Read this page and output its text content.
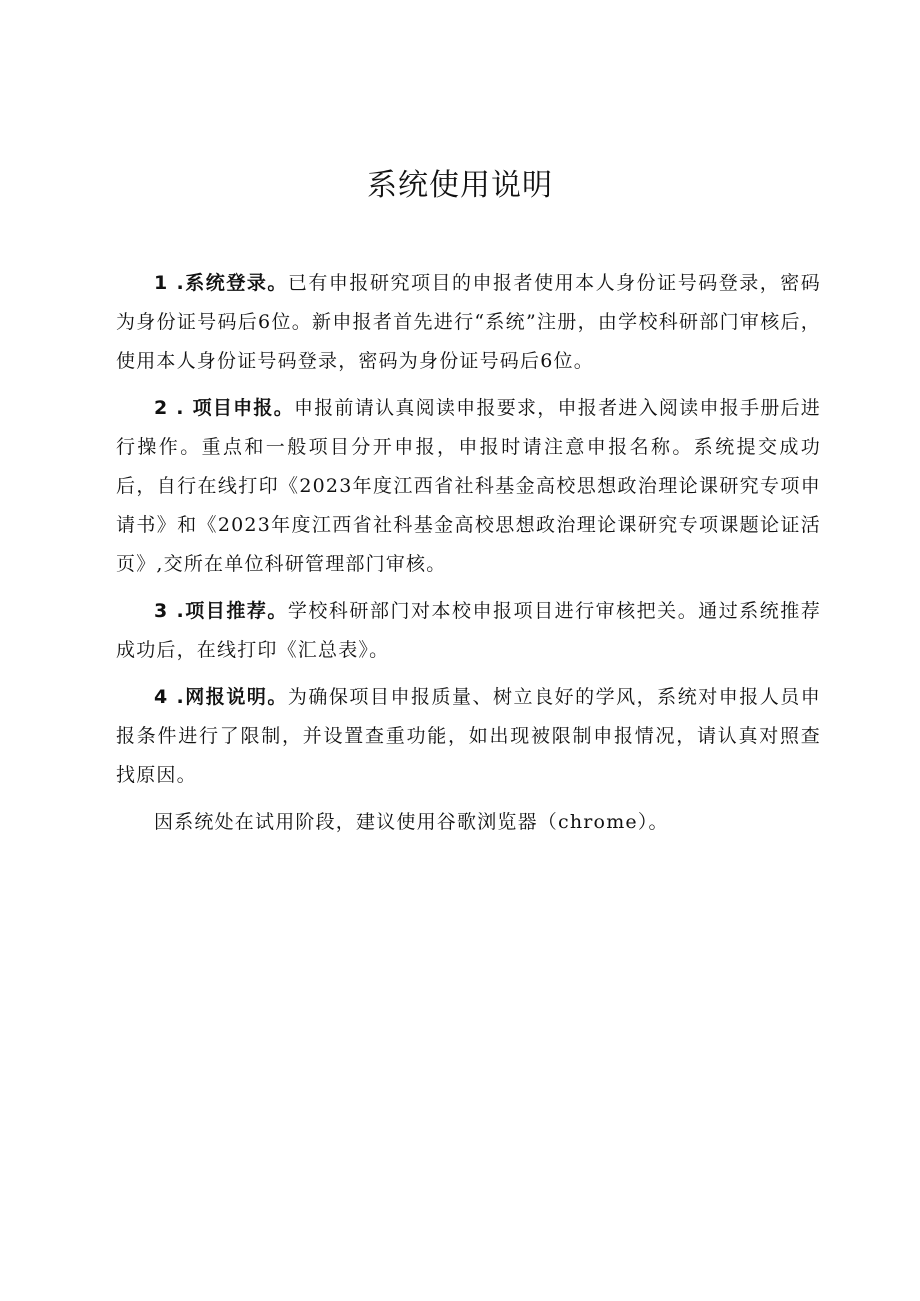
系统使用说明

1 .系统登录。已有申报研究项目的申报者使用本人身份证号码登录，密码为身份证号码后6位。新申报者首先进行“系统”注册，由学校科研部门审核后，使用本人身份证号码登录，密码为身份证号码后6位。

2 . 项目申报。申报前请认真阅读申报要求，申报者进入阅读申报手册后进行操作。重点和一般项目分开申报，申报时请注意申报名称。系统提交成功后，自行在线打印《2023年度江西省社科基金高校思想政治理论课研究专项申请书》和《2023年度江西省社科基金高校思想政治理论课研究专项课题论证活页》,交所在单位科研管理部门审核。

3 .项目推荐。学校科研部门对本校申报项目进行审核把关。通过系统推荐成功后，在线打印《汇总表》。

4 .网报说明。为确保项目申报质量、树立良好的学风，系统对申报人员申报条件进行了限制，并设置查重功能，如出现被限制申报情况，请认真对照查找原因。

因系统处在试用阶段，建议使用谷歌浏览器（chrome）。
